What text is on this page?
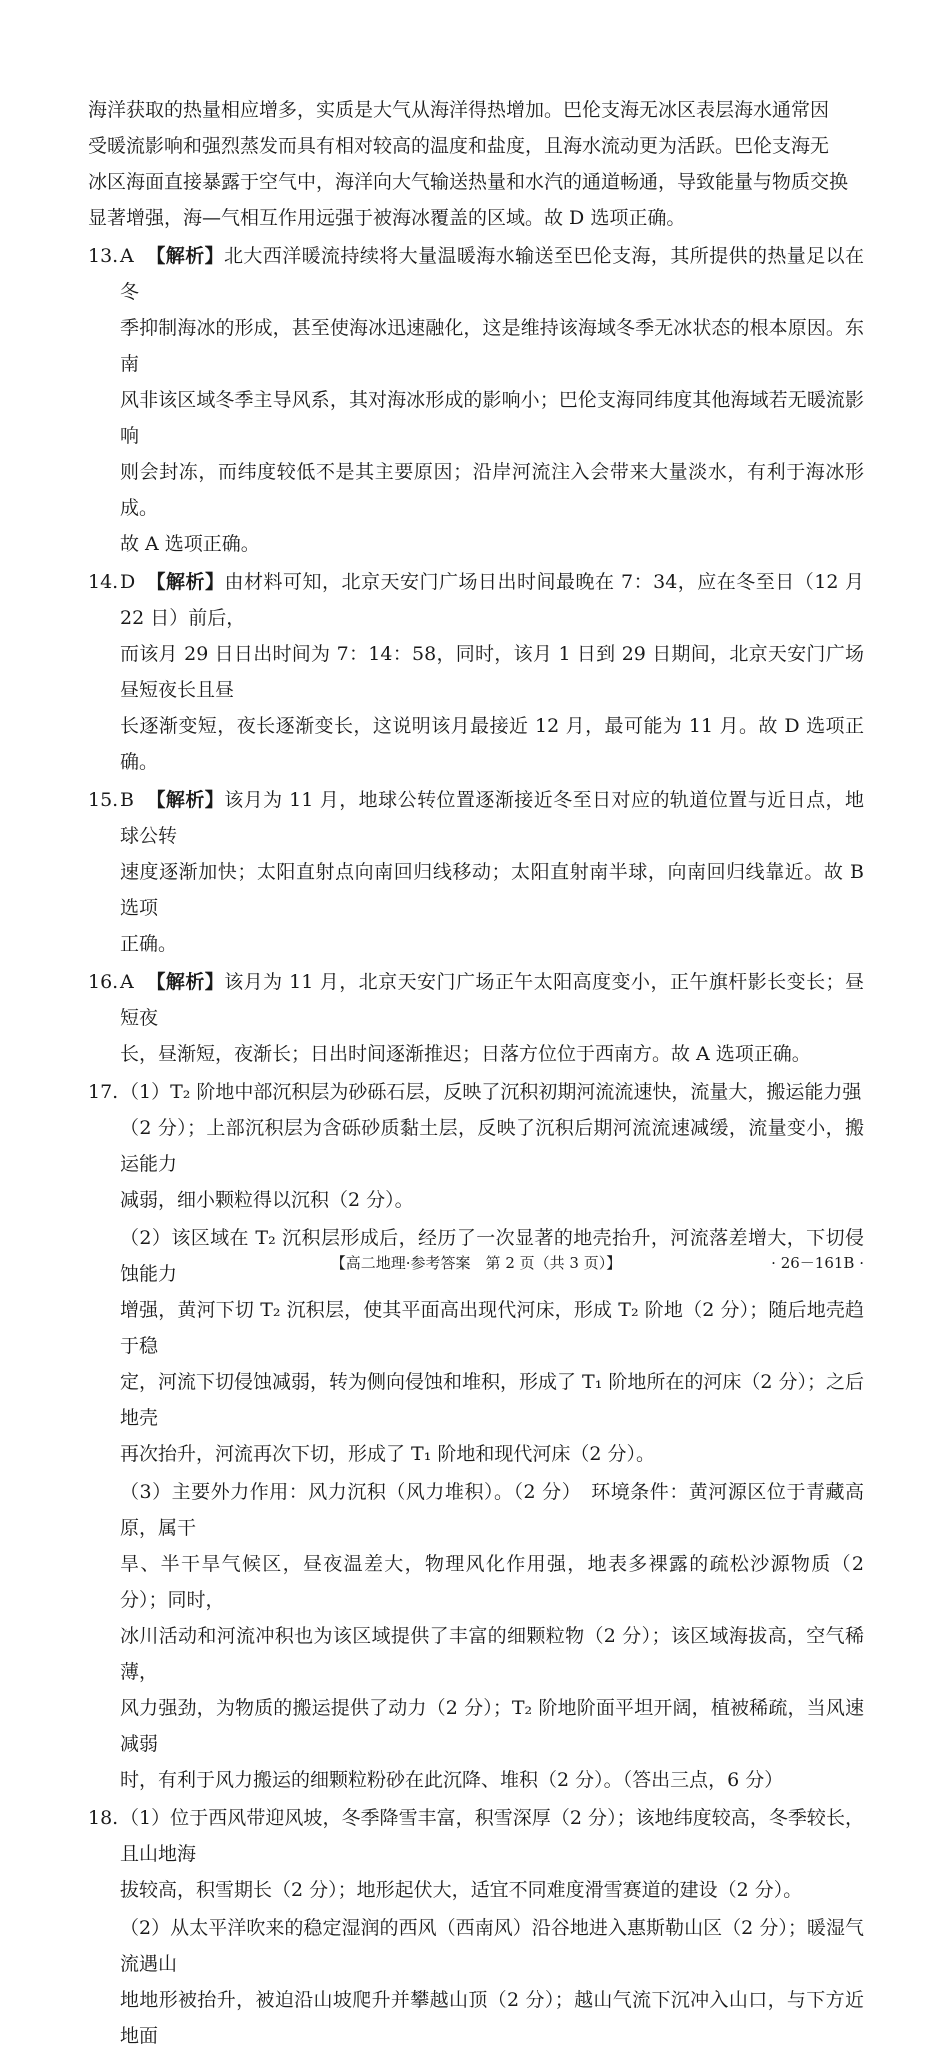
海洋获取的热量相应增多，实质是大气从海洋得热增加。巴伦支海无冰区表层海水通常因
受暖流影响和强烈蒸发而具有相对较高的温度和盐度，且海水流动更为活跃。巴伦支海无
冰区海面直接暴露于空气中，海洋向大气输送热量和水汽的通道畅通，导致能量与物质交换
显著增强，海—气相互作用远强于被海冰覆盖的区域。故 D 选项正确。
13. A 【解析】北大西洋暖流持续将大量温暖海水输送至巴伦支海，其所提供的热量足以在冬
季抑制海冰的形成，甚至使海冰迅速融化，这是维持该海域冬季无冰状态的根本原因。东南
风非该区域冬季主导风系，其对海冰形成的影响小；巴伦支海同纬度其他海域若无暖流影响
则会封冻，而纬度较低不是其主要原因；沿岸河流注入会带来大量淡水，有利于海冰形成。
故 A 选项正确。
14. D 【解析】由材料可知，北京天安门广场日出时间最晚在 7：34，应在冬至日（12 月 22 日）前后，
而该月 29 日日出时间为 7：14：58，同时，该月 1 日到 29 日期间，北京天安门广场昼短夜长且昼
长逐渐变短，夜长逐渐变长，这说明该月最接近 12 月，最可能为 11 月。故 D 选项正确。
15. B 【解析】该月为 11 月，地球公转位置逐渐接近冬至日对应的轨道位置与近日点，地球公转
速度逐渐加快；太阳直射点向南回归线移动；太阳直射南半球，向南回归线靠近。故 B 选项
正确。
16. A 【解析】该月为 11 月，北京天安门广场正午太阳高度变小，正午旗杆影长变长；昼短夜
长，昼渐短，夜渐长；日出时间逐渐推迟；日落方位位于西南方。故 A 选项正确。
17. （1）T₂ 阶地中部沉积层为砂砾石层，反映了沉积初期河流流速快，流量大，搬运能力强
（2 分）；上部沉积层为含砾砂质黏土层，反映了沉积后期河流流速减缓，流量变小，搬运能力
减弱，细小颗粒得以沉积（2 分）。
（2）该区域在 T₂ 沉积层形成后，经历了一次显著的地壳抬升，河流落差增大，下切侵蚀能力
增强，黄河下切 T₂ 沉积层，使其平面高出现代河床，形成 T₂ 阶地（2 分）；随后地壳趋于稳
定，河流下切侵蚀减弱，转为侧向侵蚀和堆积，形成了 T₁ 阶地所在的河床（2 分）；之后地壳
再次抬升，河流再次下切，形成了 T₁ 阶地和现代河床（2 分）。
（3）主要外力作用：风力沉积（风力堆积）。（2 分）　环境条件：黄河源区位于青藏高原，属干
旱、半干旱气候区，昼夜温差大，物理风化作用强，地表多裸露的疏松沙源物质（2 分）；同时，
冰川活动和河流冲积也为该区域提供了丰富的细颗粒物（2 分）；该区域海拔高，空气稀薄，
风力强劲，为物质的搬运提供了动力（2 分）；T₂ 阶地阶面平坦开阔，植被稀疏，当风速减弱
时，有利于风力搬运的细颗粒粉砂在此沉降、堆积（2 分）。（答出三点，6 分）
18. （1）位于西风带迎风坡，冬季降雪丰富，积雪深厚（2 分）；该地纬度较高，冬季较长，且山地海
拔较高，积雪期长（2 分）；地形起伏大，适宜不同难度滑雪赛道的建设（2 分）。
（2）从太平洋吹来的稳定湿润的西风（西南风）沿谷地进入惠斯勒山区（2 分）；暖湿气流遇山
地地形被抬升，被迫沿山坡爬升并攀越山顶（2 分）；越山气流下沉冲入山口，与下方近地面
【高二地理·参考答案　第 2 页（共 3 页）】	· 26－161B ·
